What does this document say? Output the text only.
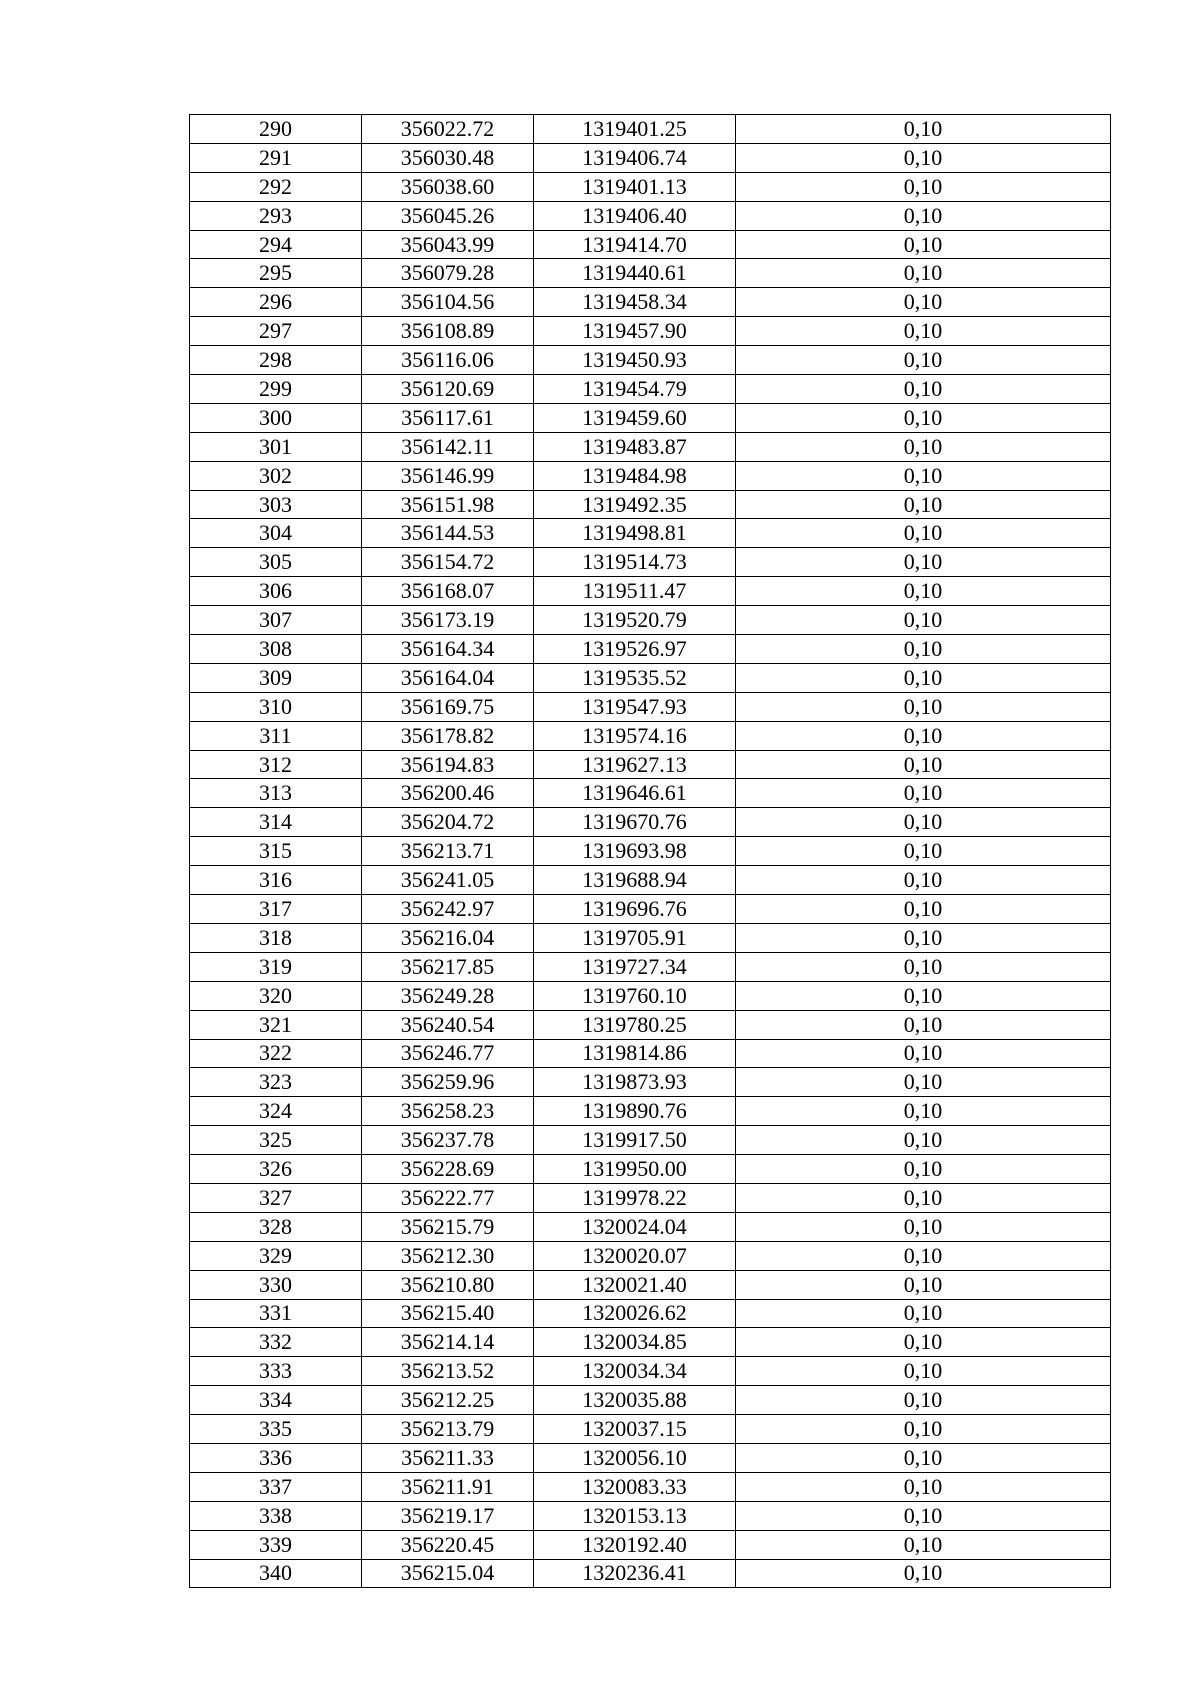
290	356022.72	1319401.25	0,10
291	356030.48	1319406.74	0,10
292	356038.60	1319401.13	0,10
293	356045.26	1319406.40	0,10
294	356043.99	1319414.70	0,10
295	356079.28	1319440.61	0,10
296	356104.56	1319458.34	0,10
297	356108.89	1319457.90	0,10
298	356116.06	1319450.93	0,10
299	356120.69	1319454.79	0,10
300	356117.61	1319459.60	0,10
301	356142.11	1319483.87	0,10
302	356146.99	1319484.98	0,10
303	356151.98	1319492.35	0,10
304	356144.53	1319498.81	0,10
305	356154.72	1319514.73	0,10
306	356168.07	1319511.47	0,10
307	356173.19	1319520.79	0,10
308	356164.34	1319526.97	0,10
309	356164.04	1319535.52	0,10
310	356169.75	1319547.93	0,10
311	356178.82	1319574.16	0,10
312	356194.83	1319627.13	0,10
313	356200.46	1319646.61	0,10
314	356204.72	1319670.76	0,10
315	356213.71	1319693.98	0,10
316	356241.05	1319688.94	0,10
317	356242.97	1319696.76	0,10
318	356216.04	1319705.91	0,10
319	356217.85	1319727.34	0,10
320	356249.28	1319760.10	0,10
321	356240.54	1319780.25	0,10
322	356246.77	1319814.86	0,10
323	356259.96	1319873.93	0,10
324	356258.23	1319890.76	0,10
325	356237.78	1319917.50	0,10
326	356228.69	1319950.00	0,10
327	356222.77	1319978.22	0,10
328	356215.79	1320024.04	0,10
329	356212.30	1320020.07	0,10
330	356210.80	1320021.40	0,10
331	356215.40	1320026.62	0,10
332	356214.14	1320034.85	0,10
333	356213.52	1320034.34	0,10
334	356212.25	1320035.88	0,10
335	356213.79	1320037.15	0,10
336	356211.33	1320056.10	0,10
337	356211.91	1320083.33	0,10
338	356219.17	1320153.13	0,10
339	356220.45	1320192.40	0,10
340	356215.04	1320236.41	0,10
